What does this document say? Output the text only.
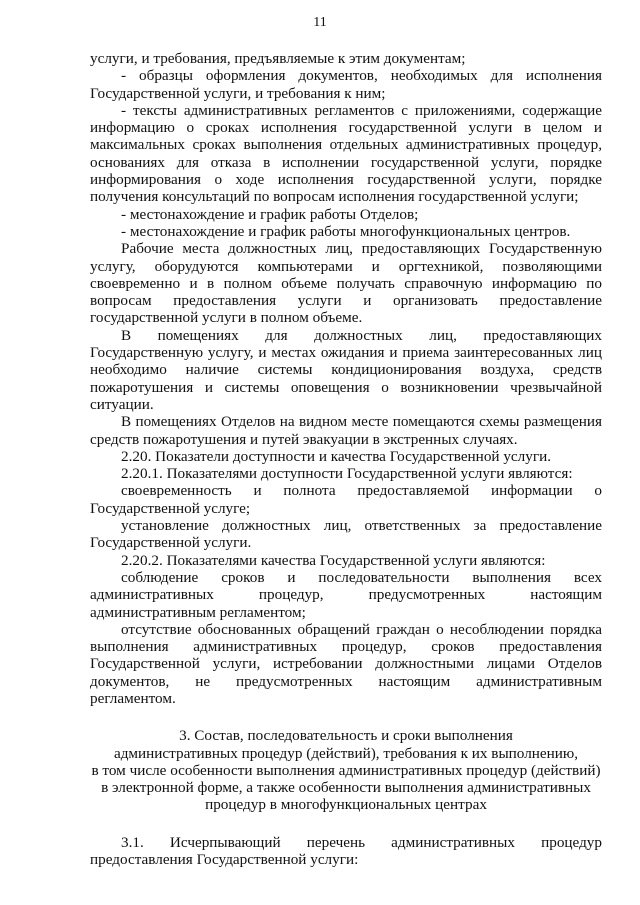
11

услуги, и требования, предъявляемые к этим документам;

- образцы оформления документов, необходимых для исполнения Государственной услуги, и требования к ним;

- тексты административных регламентов с приложениями, содержащие информацию о сроках исполнения государственной услуги в целом и максимальных сроках выполнения отдельных административных процедур, основаниях для отказа в исполнении государственной услуги, порядке информирования о ходе исполнения государственной услуги, порядке получения консультаций по вопросам исполнения государственной услуги;

- местонахождение и график работы Отделов;

- местонахождение и график работы многофункциональных центров.

Рабочие места должностных лиц, предоставляющих Государственную услугу, оборудуются компьютерами и оргтехникой, позволяющими своевременно и в полном объеме получать справочную информацию по вопросам предоставления услуги и организовать предоставление государственной услуги в полном объеме.

В помещениях для должностных лиц, предоставляющих Государственную услугу, и местах ожидания и приема заинтересованных лиц необходимо наличие системы кондиционирования воздуха, средств пожаротушения и системы оповещения о возникновении чрезвычайной ситуации.

В помещениях Отделов на видном месте помещаются схемы размещения средств пожаротушения и путей эвакуации в экстренных случаях.

2.20. Показатели доступности и качества Государственной услуги.

2.20.1. Показателями доступности Государственной услуги являются:

своевременность и полнота предоставляемой информации о Государственной услуге;

установление должностных лиц, ответственных за предоставление Государственной услуги.

2.20.2. Показателями качества Государственной услуги являются:

соблюдение сроков и последовательности выполнения всех административных процедур, предусмотренных настоящим административным регламентом;

отсутствие обоснованных обращений граждан о несоблюдении порядка выполнения административных процедур, сроков предоставления Государственной услуги, истребовании должностными лицами Отделов документов, не предусмотренных настоящим административным регламентом.

3. Состав, последовательность и сроки выполнения

административных процедур (действий), требования к их выполнению,

в том числе особенности выполнения административных процедур (действий)

в электронной форме, а также особенности выполнения административных

процедур в многофункциональных центрах

3.1. Исчерпывающий перечень административных процедур предоставления Государственной услуги:
